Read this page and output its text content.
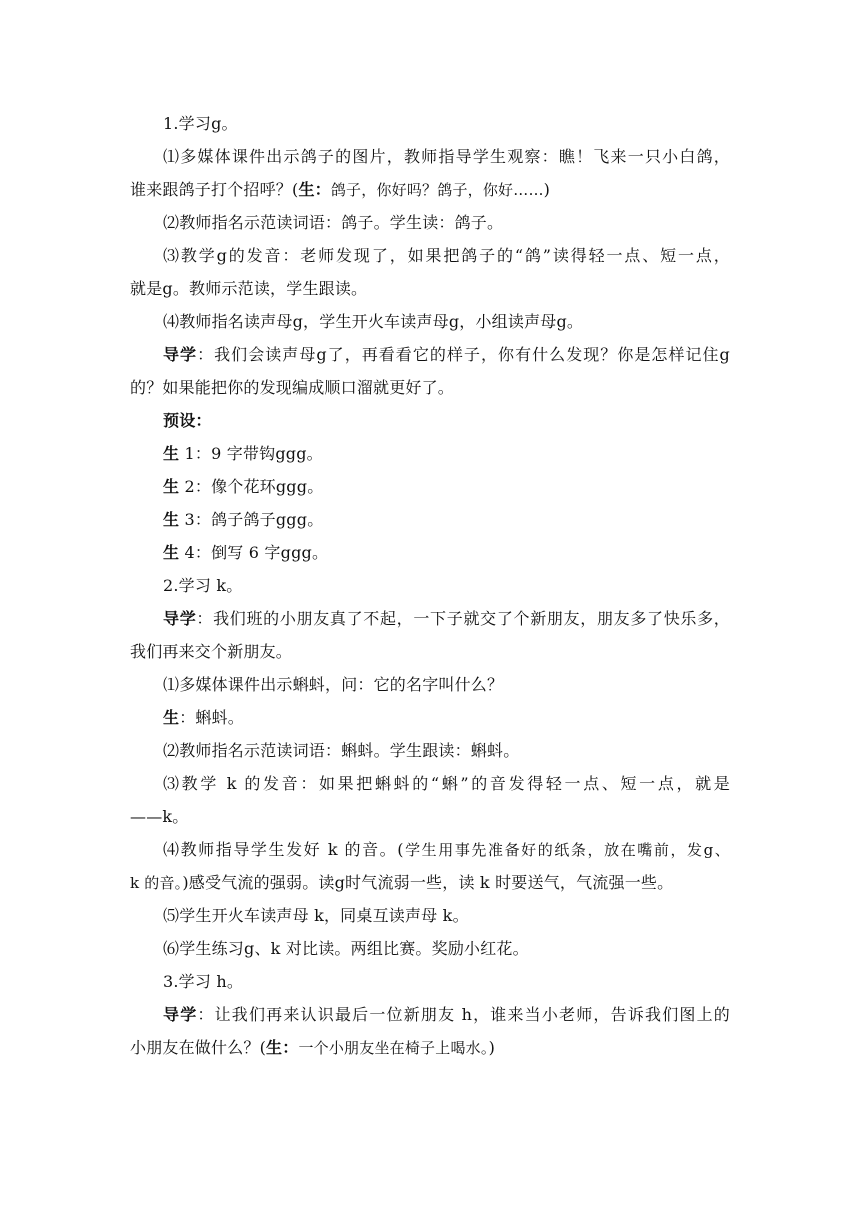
1.学习g。
⑴多媒体课件出示鸽子的图片，教师指导学生观察：瞧！飞来一只小白鸽，
谁来跟鸽子打个招呼？(生：鸽子，你好吗？鸽子，你好……)
⑵教师指名示范读词语：鸽子。学生读：鸽子。
⑶教学g的发音：老师发现了，如果把鸽子的“鸽”读得轻一点、短一点，
就是g。教师示范读，学生跟读。
⑷教师指名读声母g，学生开火车读声母g，小组读声母g。
导学：我们会读声母g了，再看看它的样子，你有什么发现？你是怎样记住g
的？如果能把你的发现编成顺口溜就更好了。
预设：
生 1：9 字带钩ggg。
生 2：像个花环ggg。
生 3：鸽子鸽子ggg。
生 4：倒写 6 字ggg。
2.学习 k。
导学：我们班的小朋友真了不起，一下子就交了个新朋友，朋友多了快乐多，
我们再来交个新朋友。
⑴多媒体课件出示蝌蚪，问：它的名字叫什么？
生：蝌蚪。
⑵教师指名示范读词语：蝌蚪。学生跟读：蝌蚪。
⑶教学 k 的发音：如果把蝌蚪的“蝌”的音发得轻一点、短一点，就是
——k。
⑷教师指导学生发好 k 的音。(学生用事先准备好的纸条，放在嘴前，发g、
k 的音。)感受气流的强弱。读g时气流弱一些，读 k 时要送气，气流强一些。
⑸学生开火车读声母 k，同桌互读声母 k。
⑹学生练习g、k 对比读。两组比赛。奖励小红花。
3.学习 h。
导学：让我们再来认识最后一位新朋友 h，谁来当小老师，告诉我们图上的
小朋友在做什么？(生：一个小朋友坐在椅子上喝水。)
